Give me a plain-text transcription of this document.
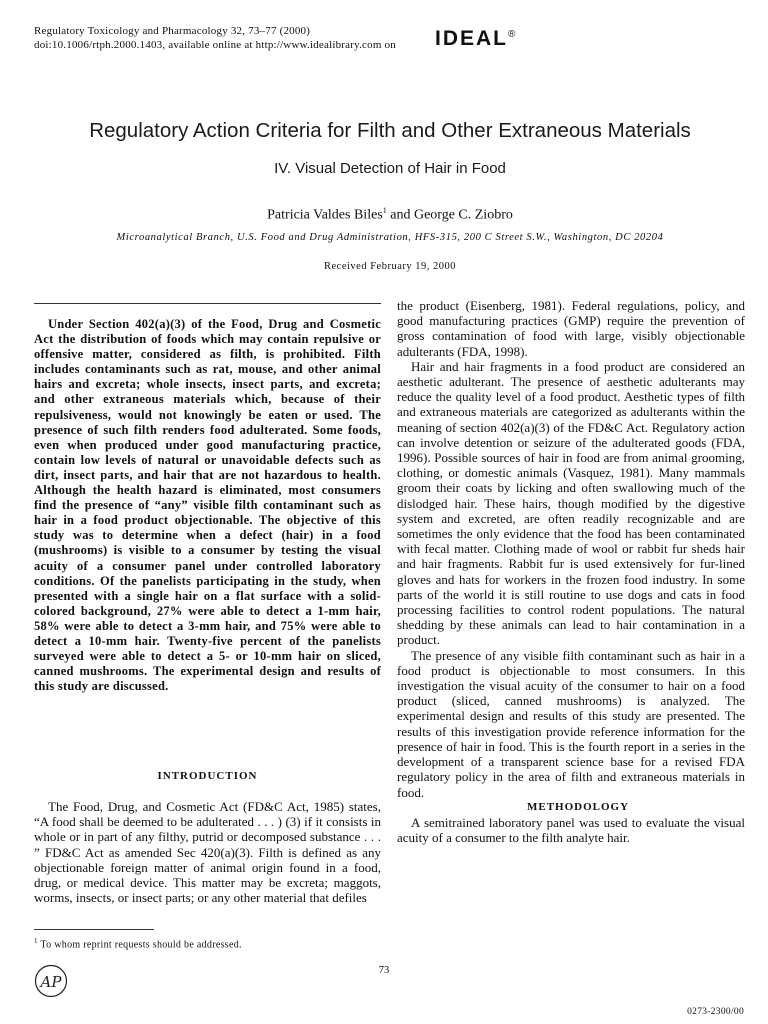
Regulatory Toxicology and Pharmacology 32, 73–77 (2000)
doi:10.1006/rtph.2000.1403, available online at http://www.idealibrary.com on IDEAL®
Regulatory Action Criteria for Filth and Other Extraneous Materials
IV. Visual Detection of Hair in Food
Patricia Valdes Biles$^1$ and George C. Ziobro
Microanalytical Branch, U.S. Food and Drug Administration, HFS-315, 200 C Street S.W., Washington, DC 20204
Received February 19, 2000
Under Section 402(a)(3) of the Food, Drug and Cosmetic Act the distribution of foods which may contain repulsive or offensive matter, considered as filth, is prohibited. Filth includes contaminants such as rat, mouse, and other animal hairs and excreta; whole insects, insect parts, and excreta; and other extraneous materials which, because of their repulsiveness, would not knowingly be eaten or used. The presence of such filth renders food adulterated. Some foods, even when produced under good manufacturing practice, contain low levels of natural or unavoidable defects such as dirt, insect parts, and hair that are not hazardous to health. Although the health hazard is eliminated, most consumers find the presence of “any” visible filth contaminant such as hair in a food product objectionable. The objective of this study was to determine when a defect (hair) in a food (mushrooms) is visible to a consumer by testing the visual acuity of a consumer panel under controlled laboratory conditions. Of the panelists participating in the study, when presented with a single hair on a flat surface with a solid-colored background, 27% were able to detect a 1-mm hair, 58% were able to detect a 3-mm hair, and 75% were able to detect a 10-mm hair. Twenty-five percent of the panelists surveyed were able to detect a 5- or 10-mm hair on sliced, canned mushrooms. The experimental design and results of this study are discussed.
INTRODUCTION
The Food, Drug, and Cosmetic Act (FD&C Act, 1985) states, “A food shall be deemed to be adulterated . . . ) (3) if it consists in whole or in part of any filthy, putrid or decomposed substance . . . ” FD&C Act as amended Sec 420(a)(3). Filth is defined as any objectionable foreign matter of animal origin found in a food, drug, or medical device. This matter may be excreta; maggots, worms, insects, or insect parts; or any other material that defiles

the product (Eisenberg, 1981). Federal regulations, policy, and good manufacturing practices (GMP) require the prevention of gross contamination of food with large, visibly objectionable adulterants (FDA, 1998).

Hair and hair fragments in a food product are considered an aesthetic adulterant. The presence of aesthetic adulterants may reduce the quality level of a food product. Aesthetic types of filth and extraneous materials are categorized as adulterants within the meaning of section 402(a)(3) of the FD&C Act. Regulatory action can involve detention or seizure of the adulterated goods (FDA, 1996). Possible sources of hair in food are from animal grooming, clothing, or domestic animals (Vasquez, 1981). Many mammals groom their coats by licking and often swallowing much of the dislodged hair. These hairs, though modified by the digestive system and excreted, are often readily recognizable and are sometimes the only evidence that the food has been contaminated with fecal matter. Clothing made of wool or rabbit fur sheds hair and hair fragments. Rabbit fur is used extensively for fur-lined gloves and hats for workers in the frozen food industry. In some parts of the world it is still routine to use dogs and cats in food processing facilities to control rodent populations. The natural shedding by these animals can lead to hair contamination in a product.

The presence of any visible filth contaminant such as hair in a food product is objectionable to most consumers. In this investigation the visual acuity of the consumer to hair on a food product (sliced, canned mushrooms) is analyzed. The experimental design and results of this study are presented. The results of this investigation provide reference information for the presence of hair in food. This is the fourth report in a series in the development of a transparent science base for a revised FDA regulatory policy in the area of filth and extraneous materials in food.

METHODOLOGY

A semitrained laboratory panel was used to evaluate the visual acuity of a consumer to the filth analyte hair.

$^1$ To whom reprint requests should be addressed.
AP
73
0273-2300/00
